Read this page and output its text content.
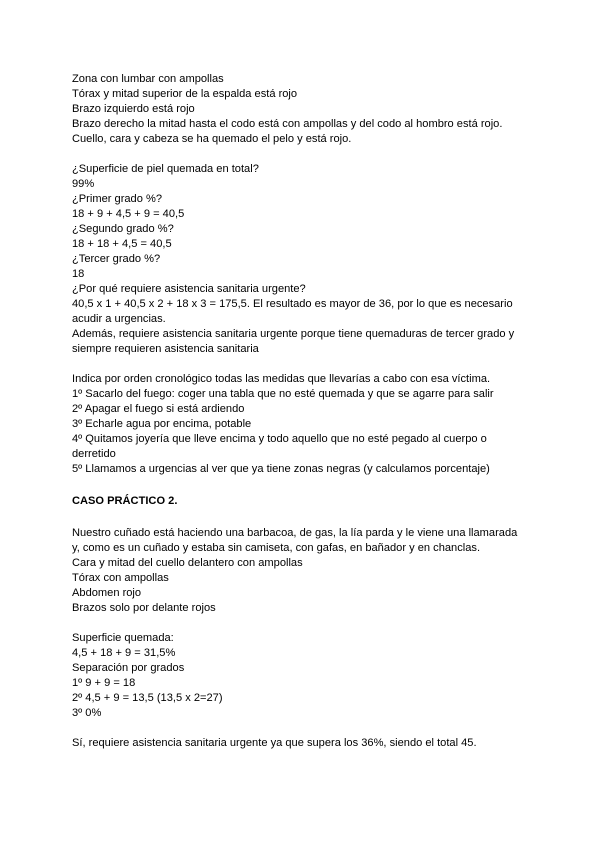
Zona con lumbar con ampollas
Tórax y mitad superior de la espalda está rojo
Brazo izquierdo está rojo
Brazo derecho la mitad hasta el codo está con ampollas y del codo al hombro está rojo.
Cuello, cara y cabeza se ha quemado el pelo y está rojo.
¿Superficie de piel quemada en total?
99%
¿Primer grado %?
18 + 9 + 4,5 + 9 = 40,5
¿Segundo grado %?
18 + 18 + 4,5 = 40,5
¿Tercer grado %?
18
¿Por qué requiere asistencia sanitaria urgente?
40,5 x 1 + 40,5 x 2 + 18 x 3 = 175,5. El resultado es mayor de 36, por lo que es necesario
acudir a urgencias.
Además, requiere asistencia sanitaria urgente porque tiene quemaduras de tercer grado y
siempre requieren asistencia sanitaria
Indica por orden cronológico todas las medidas que llevarías a cabo con esa víctima.
1º Sacarlo del fuego: coger una tabla que no esté quemada y que se agarre para salir
2º Apagar el fuego si está ardiendo
3º Echarle agua por encima, potable
4º Quitamos joyería que lleve encima y todo aquello que no esté pegado al cuerpo o
derretido
5º Llamamos a urgencias al ver que ya tiene zonas negras (y calculamos porcentaje)
CASO PRÁCTICO 2.
Nuestro cuñado está haciendo una barbacoa, de gas, la lía parda y le viene una llamarada
y, como es un cuñado y estaba sin camiseta, con gafas, en bañador y en chanclas.
Cara y mitad del cuello delantero con ampollas
Tórax con ampollas
Abdomen rojo
Brazos solo por delante rojos
Superficie quemada:
4,5 + 18 + 9 = 31,5%
Separación por grados
1º 9 + 9 = 18
2º 4,5 + 9 = 13,5 (13,5 x 2=27)
3º 0%
Sí, requiere asistencia sanitaria urgente ya que supera los 36%, siendo el total 45.
